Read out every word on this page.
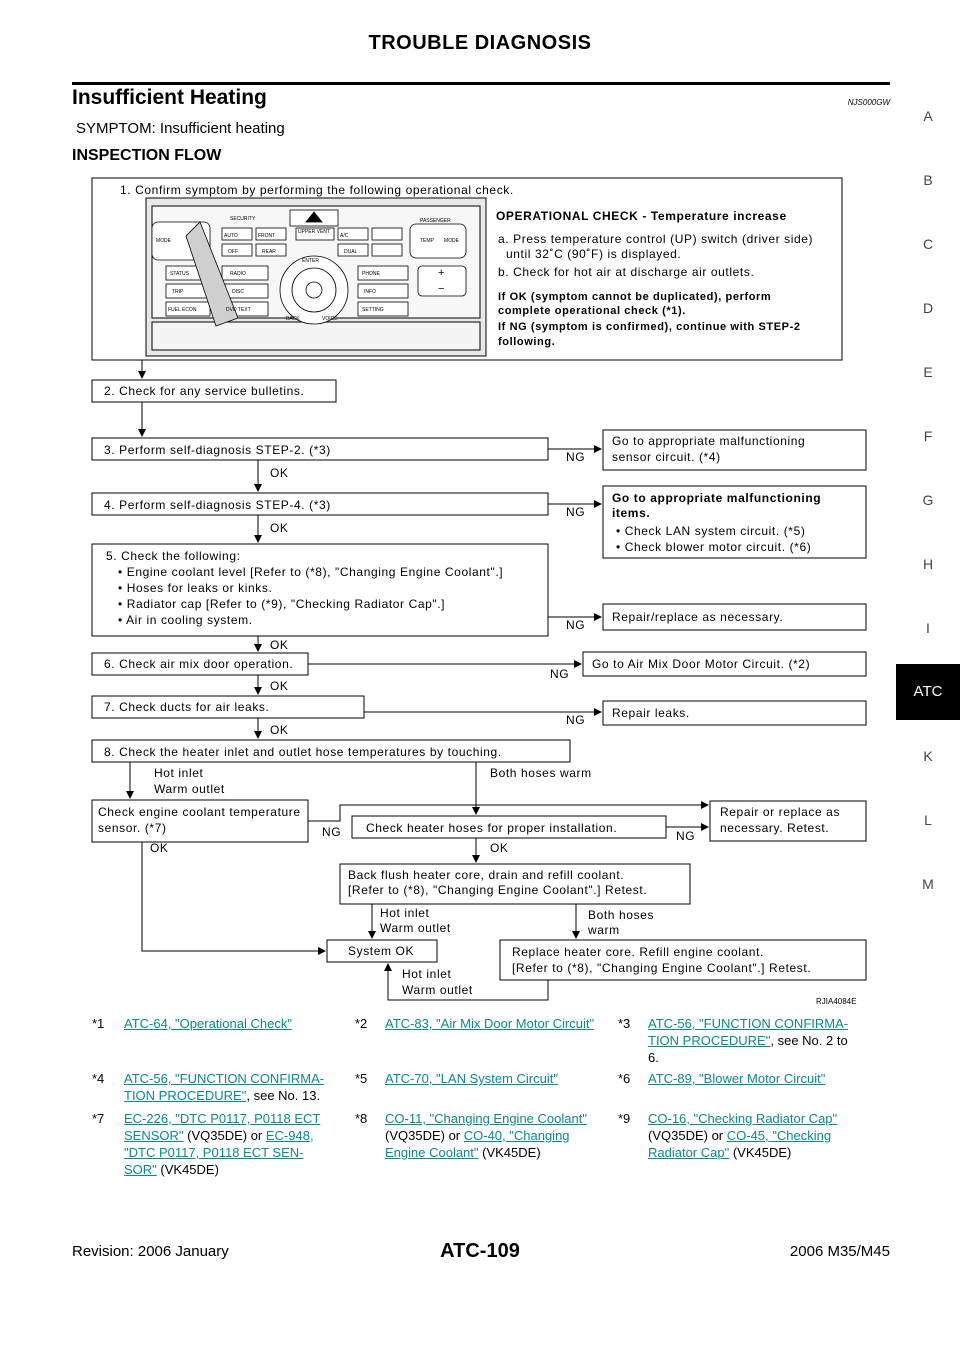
TROUBLE DIAGNOSIS
Insufficient Heating	NJS000GW
SYMPTOM: Insufficient heating
INSPECTION FLOW
A
B
C
D
E
F
G
H
I
ATC
K
L
M
SECURITY
AUTO	FRONT	A/C
UPPER VENT
PASSENGER
MODE	MODE
TEMP
OFF	REAR	DUAL
STATUS	RADIO	PHONE
TRIP	DISC	INFO
FUEL ECON	DVD TEXT	SETTING
ENTER
BACK	VOICE
+
−
1. Confirm symptom by performing the following operational check.
OPERATIONAL CHECK - Temperature increase
a. Press temperature control (UP) switch (driver side)
until 32˚C (90˚F) is displayed.
b. Check for hot air at discharge air outlets.
If OK (symptom cannot be duplicated), perform
complete operational check (*1).
If NG (symptom is confirmed), continue with STEP-2
following.
2. Check for any service bulletins.
3. Perform self-diagnosis STEP-2. (*3)
Go to appropriate malfunctioning
sensor circuit. (*4)
4. Perform self-diagnosis STEP-4. (*3)	Go to appropriate malfunctioning
items.
• Check LAN system circuit. (*5)
• Check blower motor circuit. (*6)
5. Check the following:
• Engine coolant level [Refer to (*8), "Changing Engine Coolant".]
• Hoses for leaks or kinks.
• Radiator cap [Refer to (*9), "Checking Radiator Cap".]
• Air in cooling system.	Repair/replace as necessary.
6. Check air mix door operation.	Go to Air Mix Door Motor Circuit. (*2)
7. Check ducts for air leaks.	Repair leaks.
8. Check the heater inlet and outlet hose temperatures by touching.
Hot inlet
Warm outlet
Both hoses warm
Check engine coolant temperature
sensor. (*7)	Check heater hoses for proper installation.
Repair or replace as
necessary. Retest.
Back flush heater core, drain and refill coolant.
[Refer to (*8), "Changing Engine Coolant".] Retest.
Hot inlet
Warm outlet
Both hoses
warm
System OK	Replace heater core. Refill engine coolant.
[Refer to (*8), "Changing Engine Coolant".] Retest.
Hot inlet
Warm outlet
OK
OK
OK
OK
OK
OK	OK
NG
NG
NG
NG
NG
NG	NG
RJIA4084E
*1 ATC-64, "Operational Check"	*2 ATC-83, "Air Mix Door Motor Circuit" *3 ATC-56, "FUNCTION CONFIRMA-
TION PROCEDURE", see No. 2 to
6.
*4 ATC-56, "FUNCTION CONFIRMA-
TION PROCEDURE", see No. 13.
*5 ATC-70, "LAN System Circuit"	*6 ATC-89, "Blower Motor Circuit"
*7 EC-226, "DTC P0117, P0118 ECT
SENSOR" (VQ35DE) or EC-948,
"DTC P0117, P0118 ECT SEN-
SOR" (VK45DE)
*8 CO-11, "Changing Engine Coolant"
(VQ35DE) or CO-40, "Changing
Engine Coolant" (VK45DE)
*9 CO-16, "Checking Radiator Cap"
(VQ35DE) or CO-45, "Checking
Radiator Cap" (VK45DE)
Revision: 2006 January	ATC-109	2006 M35/M45
